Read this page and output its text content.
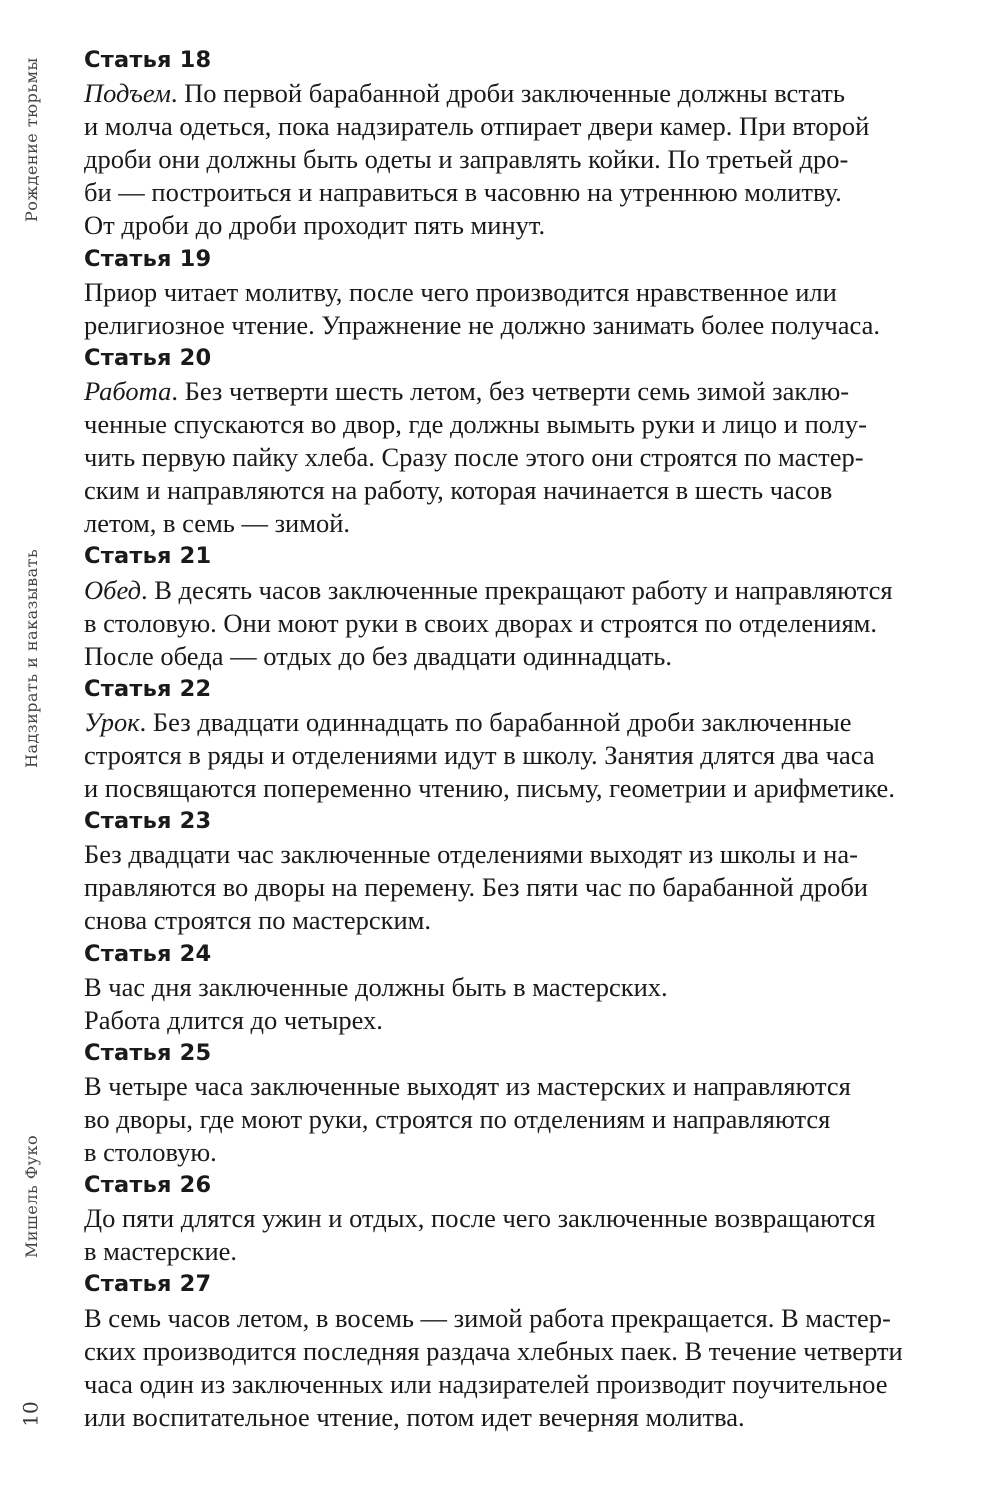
Рождение тюрьмы
Надзирать и наказывать
Мишель Фуко
10
Статья 18
Подъем. По первой барабанной дроби заключенные должны встать
и молча одеться, пока надзиратель отпирает двери камер. При второй
дроби они должны быть одеты и заправлять койки. По третьей дро-
би — построиться и направиться в часовню на утреннюю молитву.
От дроби до дроби проходит пять минут.
Статья 19
Приор читает молитву, после чего производится нравственное или
религиозное чтение. Упражнение не должно занимать более получаса.
Статья 20
Работа. Без четверти шесть летом, без четверти семь зимой заклю-
ченные спускаются во двор, где должны вымыть руки и лицо и полу-
чить первую пайку хлеба. Сразу после этого они строятся по мастер-
ским и направляются на работу, которая начинается в шесть часов
летом, в семь — зимой.
Статья 21
Обед. В десять часов заключенные прекращают работу и направляются
в столовую. Они моют руки в своих дворах и строятся по отделениям.
После обеда — отдых до без двадцати одиннадцать.
Статья 22
Урок. Без двадцати одиннадцать по барабанной дроби заключенные
строятся в ряды и отделениями идут в школу. Занятия длятся два часа
и посвящаются попеременно чтению, письму, геометрии и арифметике.
Статья 23
Без двадцати час заключенные отделениями выходят из школы и на-
правляются во дворы на перемену. Без пяти час по барабанной дроби
снова строятся по мастерским.
Статья 24
В час дня заключенные должны быть в мастерских.
Работа длится до четырех.
Статья 25
В четыре часа заключенные выходят из мастерских и направляются
во дворы, где моют руки, строятся по отделениям и направляются
в столовую.
Статья 26
До пяти длятся ужин и отдых, после чего заключенные возвращаются
в мастерские.
Статья 27
В семь часов летом, в восемь — зимой работа прекращается. В мастер-
ских производится последняя раздача хлебных паек. В течение четверти
часа один из заключенных или надзирателей производит поучительное
или воспитательное чтение, потом идет вечерняя молитва.
